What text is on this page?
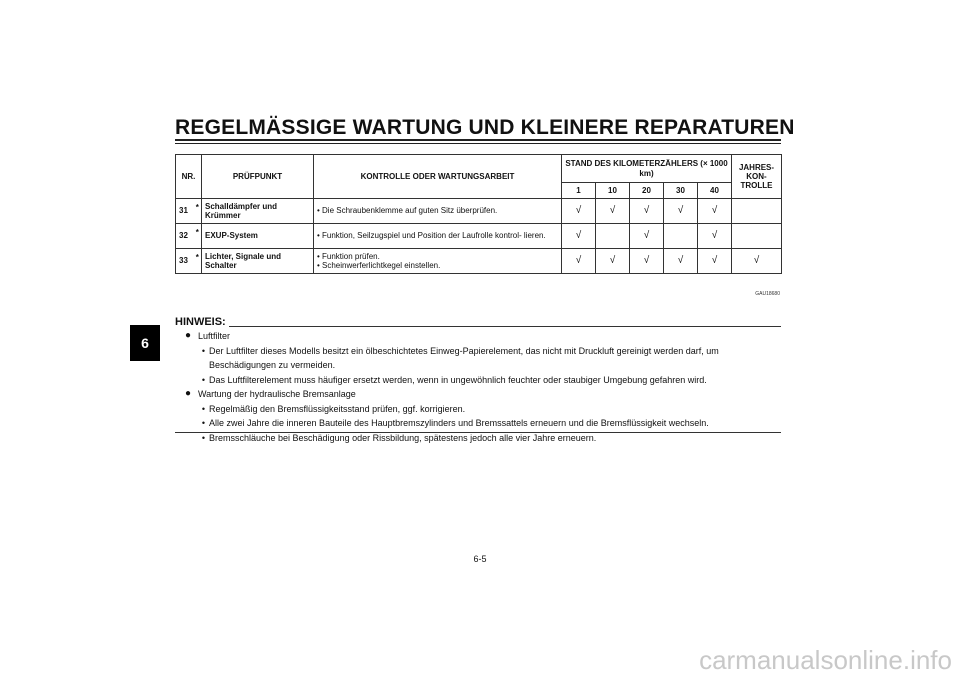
REGELMÄSSIGE WARTUNG UND KLEINERE REPARATUREN
6
NR.		PRÜFPUNKT	KONTROLLE ODER WARTUNGSARBEIT	STAND DES KILOMETERZÄHLERS (× 1000 km)					JAHRES- KON- TROLLE
				1	10	20	30	40	
31	*	Schalldämpfer und Krümmer	• Die Schraubenklemme auf guten Sitz überprüfen.	√	√	√	√	√	
32	*	EXUP-System	• Funktion, Seilzugspiel und Position der Laufrolle kontrol- lieren.	√		√		√	
33	*	Lichter, Signale und Schalter	• Funktion prüfen.
• Scheinwerferlichtkegel einstellen.	√	√	√	√	√	√
GAU18680
HINWEIS:
● Luftfilter
• Der Luftfilter dieses Modells besitzt ein ölbeschichtetes Einweg-Papierelement, das nicht mit Druckluft gereinigt werden darf, um Beschädigungen zu vermeiden.
• Das Luftfilterelement muss häufiger ersetzt werden, wenn in ungewöhnlich feuchter oder staubiger Umgebung gefahren wird.
● Wartung der hydraulische Bremsanlage
• Regelmäßig den Bremsflüssigkeitsstand prüfen, ggf. korrigieren.
• Alle zwei Jahre die inneren Bauteile des Hauptbremszylinders und Bremssattels erneuern und die Bremsflüssigkeit wechseln.
• Bremsschläuche bei Beschädigung oder Rissbildung, spätestens jedoch alle vier Jahre erneuern.
6-5
carmanualsonline.info
